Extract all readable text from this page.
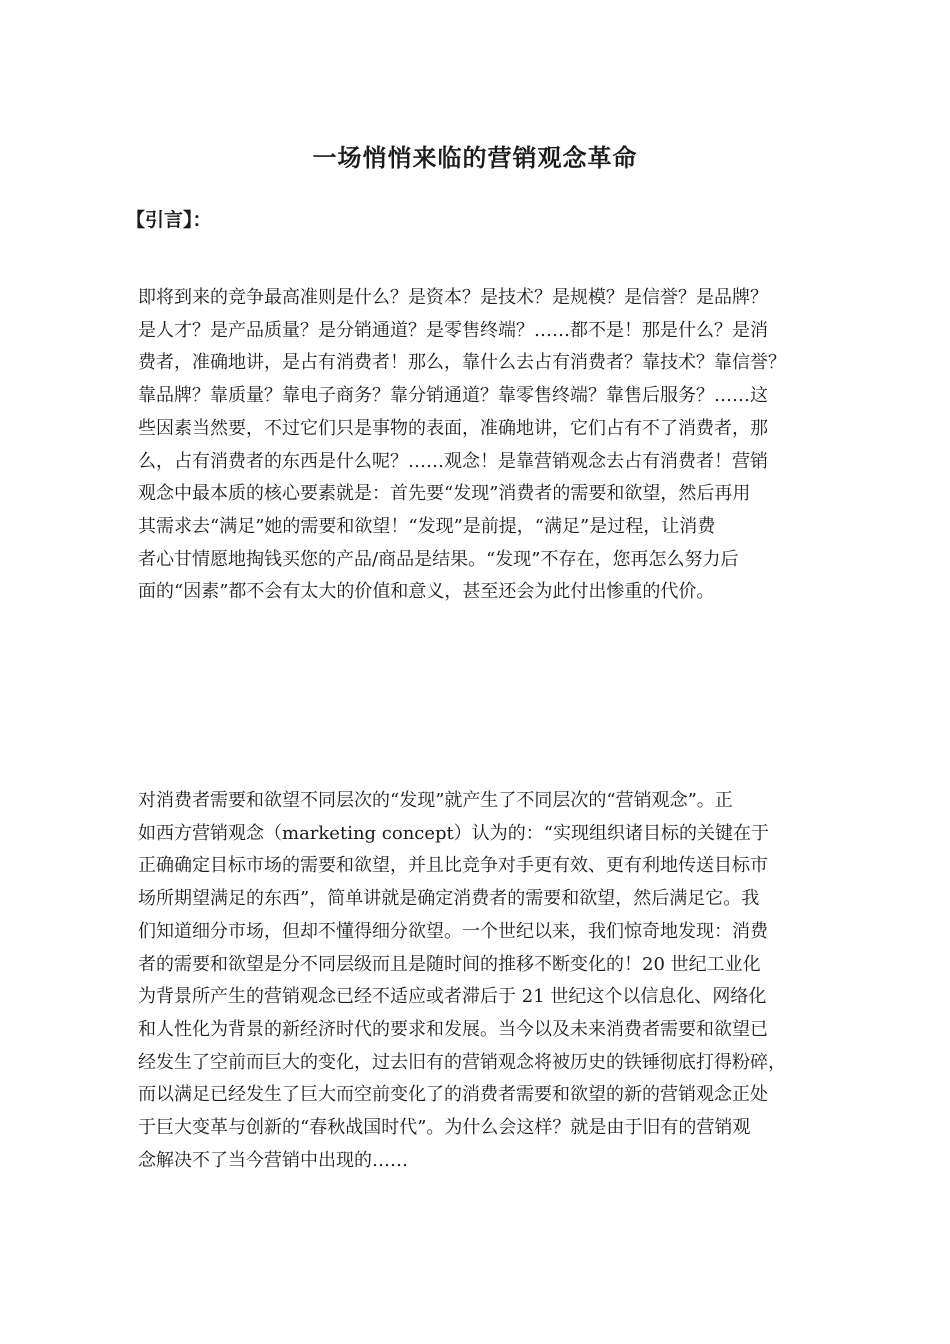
一场悄悄来临的营销观念革命
【引言】：
即将到来的竞争最高准则是什么？是资本？是技术？是规模？是信誉？是品牌？
是人才？是产品质量？是分销通道？是零售终端？……都不是！那是什么？是消
费者，准确地讲，是占有消费者！那么，靠什么去占有消费者？靠技术？靠信誉？
靠品牌？靠质量？靠电子商务？靠分销通道？靠零售终端？靠售后服务？……这
些因素当然要，不过它们只是事物的表面，准确地讲，它们占有不了消费者，那
么，占有消费者的东西是什么呢？……观念！是靠营销观念去占有消费者！营销
观念中最本质的核心要素就是：首先要“发现”消费者的需要和欲望，然后再用
其需求去“满足”她的需要和欲望！“发现”是前提，“满足”是过程，让消费
者心甘情愿地掏钱买您的产品/商品是结果。“发现”不存在，您再怎么努力后
面的“因素”都不会有太大的价值和意义，甚至还会为此付出惨重的代价。
对消费者需要和欲望不同层次的“发现”就产生了不同层次的“营销观念”。正
如西方营销观念（marketing concept）认为的：“实现组织诸目标的关键在于
正确确定目标市场的需要和欲望，并且比竞争对手更有效、更有利地传送目标市
场所期望满足的东西”，简单讲就是确定消费者的需要和欲望，然后满足它。我
们知道细分市场，但却不懂得细分欲望。一个世纪以来，我们惊奇地发现：消费
者的需要和欲望是分不同层级而且是随时间的推移不断变化的！20 世纪工业化
为背景所产生的营销观念已经不适应或者滞后于 21 世纪这个以信息化、网络化
和人性化为背景的新经济时代的要求和发展。当今以及未来消费者需要和欲望已
经发生了空前而巨大的变化，过去旧有的营销观念将被历史的铁锤彻底打得粉碎，
而以满足已经发生了巨大而空前变化了的消费者需要和欲望的新的营销观念正处
于巨大变革与创新的“春秋战国时代”。为什么会这样？就是由于旧有的营销观
念解决不了当今营销中出现的……
